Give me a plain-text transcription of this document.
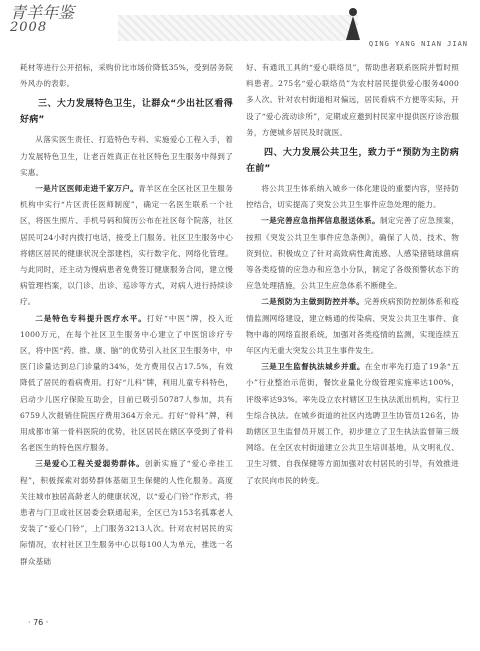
青羊年鉴
2008
QING YANG NIAN JIAN

耗材等进行公开招标，采购价比市场价降低35%，受到居务院外风办的表彰。

三、大力发展特色卫生，让群众“少出社区看得好病”

从落实医生责任、打造特色专科、实施爱心工程入手，着力发展特色卫生，让老百姓真正在社区特色卫生服务中得到了实惠。

一是片区医师走进千家万户。青羊区在全区社区卫生服务机构中实行“片区责任医师制度”，确定一名医生联系一个社区，将医生照片、手机号码和简历公布在社区每个院落，社区居民可24小时内拨打电话，接受上门服务。社区卫生服务中心将辖区居民的健康状况全部建档，实行数字化、网络化管理。与此同时，还主动为慢病患者免费签订健康服务合同，建立慢病管理档案，以门诊、出诊、巡诊等方式，对病人进行持续诊疗。

二是特色专科提升医疗水平。打好“中医”牌，投入近1000万元，在每个社区卫生服务中心建立了中医馆诊疗专区，将中医“药、推、康、脑”的优势引入社区卫生服务中，中医门诊量达到总门诊量的34%，处方费用仅占17.5%，有效降低了居民的看病费用。打好“儿科”牌，利用儿童专科特色，启动少儿医疗保险互助会，目前已吸引50787人参加，共有6759人次报销住院医疗费用364万余元。打好“骨科”牌，利用成都市第一骨科医院的优势，社区居民在辖区享受到了骨科名老医生的特色医疗服务。

三是爱心工程关爱弱势群体。创新实施了“爱心牵挂工程”，积极探索对弱势群体基础卫生保健的人性化服务。高度关注城市独居高龄老人的健康状况，以“爱心门铃”作形式，将患者与门卫或社区居委会联通起来，全区已为153名孤寡老人安装了“爱心门铃”，上门服务3213人次。针对农村居民的实际情况，农村社区卫生服务中心以每100人为单元，推选一名群众基础

好、有通讯工具的“爱心联络员”，帮助患者联系医院并暂时照料患者。275名“爱心联络员”为农村居民提供爱心服务4000多人次。针对农村街道相对偏远，居民看病不方便等实际，开设了“爱心流动诊所”，定期或应邀到村民家中提供医疗诊治服务，方便城乡居民及时就医。

四、大力发展公共卫生，致力于“预防为主防病在前”

将公共卫生体系纳入城乡一体化建设的重要内容，坚持防控结合，切实提高了突发公共卫生事件应急处理的能力。

一是完善应急指挥信息报送体系。制定完善了应急预案，按照《突发公共卫生事件应急条例》，确保了人员、技术、物资到位。积极成立了针对高致病性禽流感、人感染猪链球菌病等各类疫情的应急办和应急小分队，制定了各级预警状态下的应急处理措施，公共卫生应急体系不断健全。

二是预防为主做到防控并举。完善疾病预防控制体系和疫情监测网络建设，建立畅通的传染病、突发公共卫生事件、食物中毒的网络直报系统，加强对各类疫情的监测，实现连续五年区内无重大突发公共卫生事件发生。

三是卫生监督执法城乡并重。在全市率先打造了19条“五小”行业整治示范街，餐饮业量化分级管理实施率达100%，评级率达93%。率先设立农村辖区卫生执法派出机构，实行卫生综合执法。在城乡街道的社区内选聘卫生协管员126名，协助辖区卫生监督员开展工作，初步建立了卫生执法监督第三级网络。在全区农村街道建立公共卫生培训基地，从文明礼仪、卫生习惯、自我保健等方面加强对农村居民的引导，有效推进了农民向市民的转变。

· 76 ·
